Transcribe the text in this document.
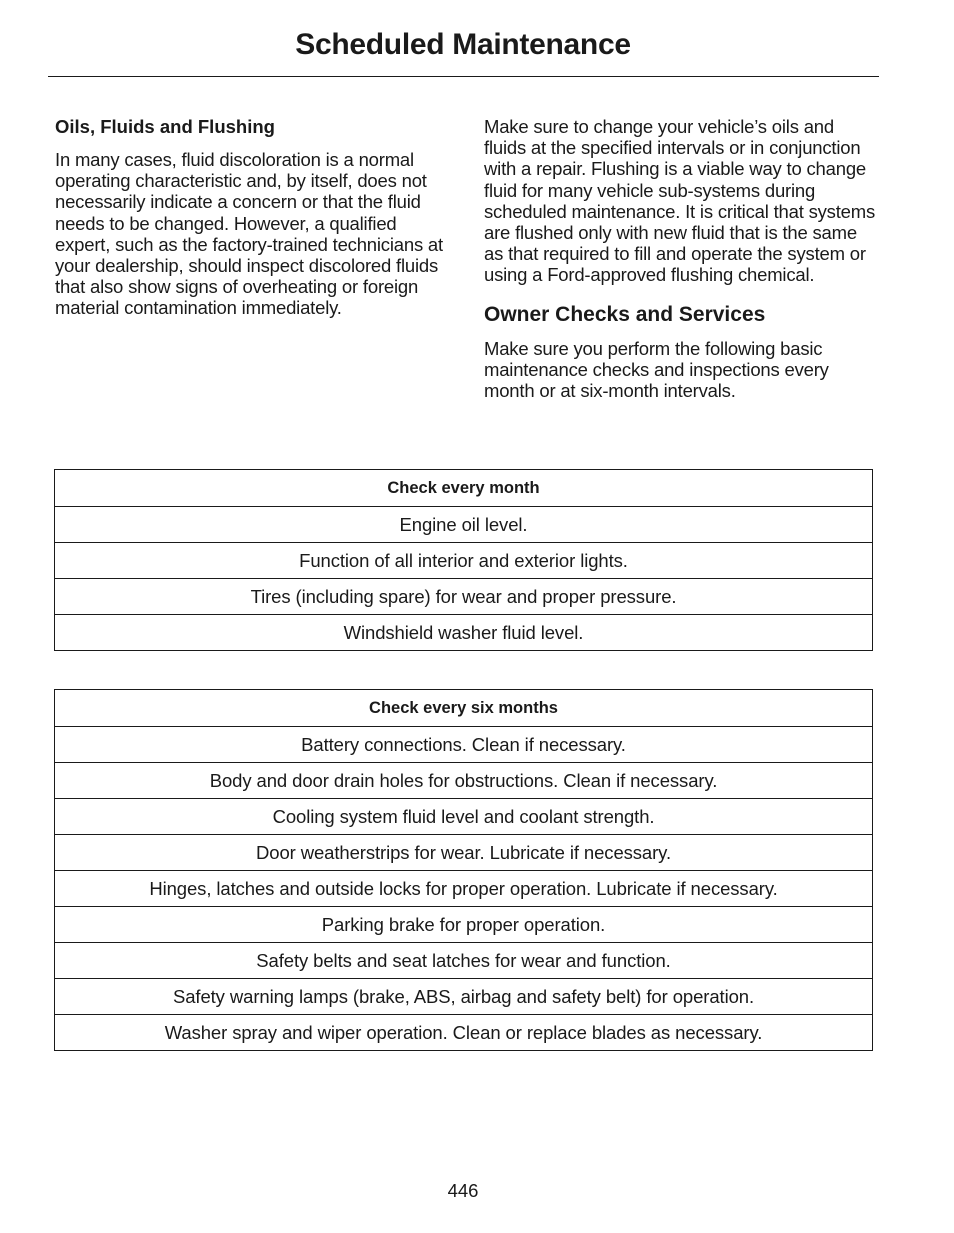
Scheduled Maintenance
Oils, Fluids and Flushing

In many cases, fluid discoloration is a normal operating characteristic and, by itself, does not necessarily indicate a concern or that the fluid needs to be changed. However, a qualified expert, such as the factory-trained technicians at your dealership, should inspect discolored fluids that also show signs of overheating or foreign material contamination immediately.

Make sure to change your vehicle’s oils and fluids at the specified intervals or in conjunction with a repair. Flushing is a viable way to change fluid for many vehicle sub-systems during scheduled maintenance. It is critical that systems are flushed only with new fluid that is the same as that required to fill and operate the system or using a Ford-approved flushing chemical.

Owner Checks and Services

Make sure you perform the following basic maintenance checks and inspections every month or at six-month intervals.

Check every month
Engine oil level.
Function of all interior and exterior lights.
Tires (including spare) for wear and proper pressure.
Windshield washer fluid level.
Check every six months
Battery connections. Clean if necessary.
Body and door drain holes for obstructions. Clean if necessary.
Cooling system fluid level and coolant strength.
Door weatherstrips for wear. Lubricate if necessary.
Hinges, latches and outside locks for proper operation. Lubricate if necessary.
Parking brake for proper operation.
Safety belts and seat latches for wear and function.
Safety warning lamps (brake, ABS, airbag and safety belt) for operation.
Washer spray and wiper operation. Clean or replace blades as necessary.
446
